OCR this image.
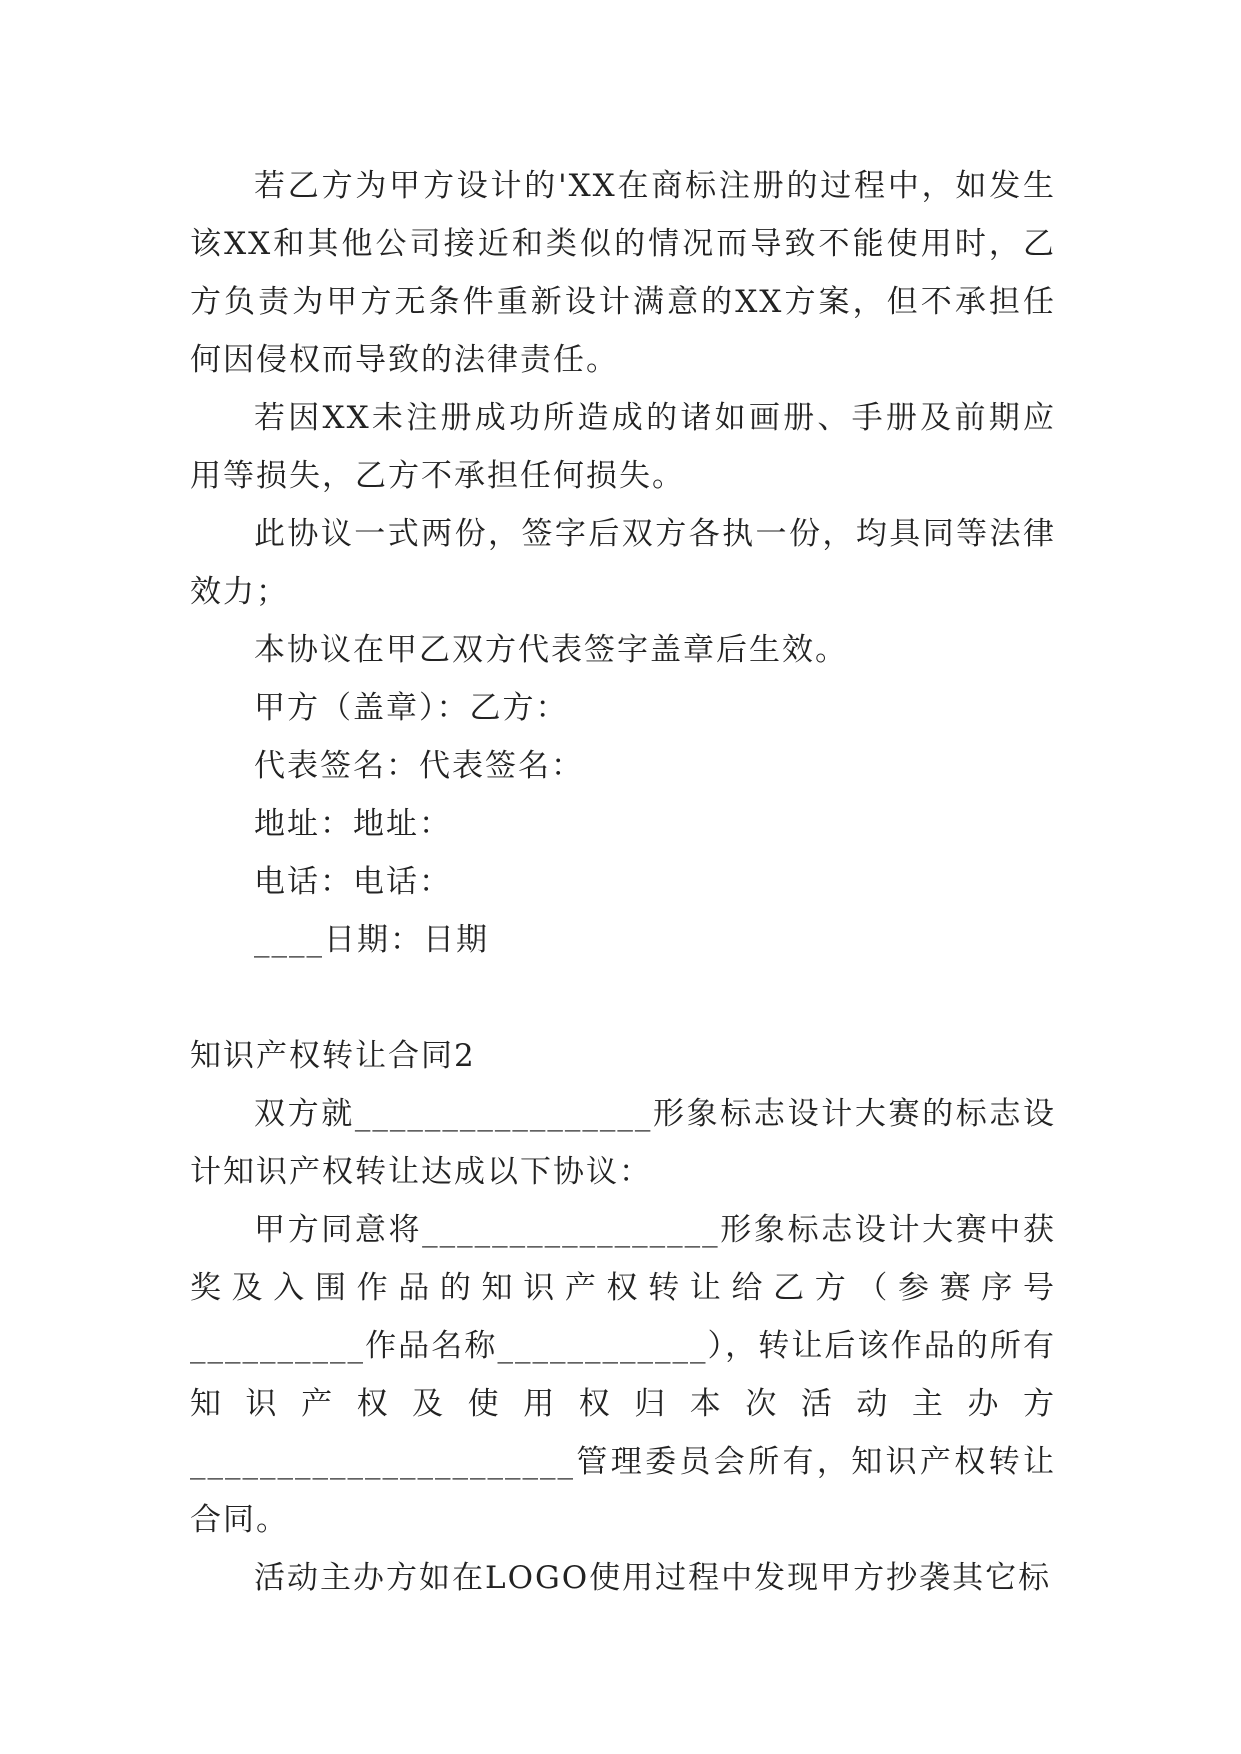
若乙方为甲方设计的'XX在商标注册的过程中，如发生该XX和其他公司接近和类似的情况而导致不能使用时，乙方负责为甲方无条件重新设计满意的XX方案，但不承担任何因侵权而导致的法律责任。

若因XX未注册成功所造成的诸如画册、手册及前期应用等损失，乙方不承担任何损失。

此协议一式两份，签字后双方各执一份，均具同等法律效力；

本协议在甲乙双方代表签字盖章后生效。

甲方（盖章）：乙方：

代表签名：代表签名：

地址：地址：

电话：电话：

____日期：日期

知识产权转让合同2

双方就_________________形象标志设计大赛的标志设计知识产权转让达成以下协议：

甲方同意将_________________形象标志设计大赛中获奖及入围作品的知识产权转让给乙方（参赛序号__________作品名称____________），转让后该作品的所有知识产权及使用权归本次活动主办方______________________管理委员会所有，知识产权转让合同。

活动主办方如在LOGO使用过程中发现甲方抄袭其它标
